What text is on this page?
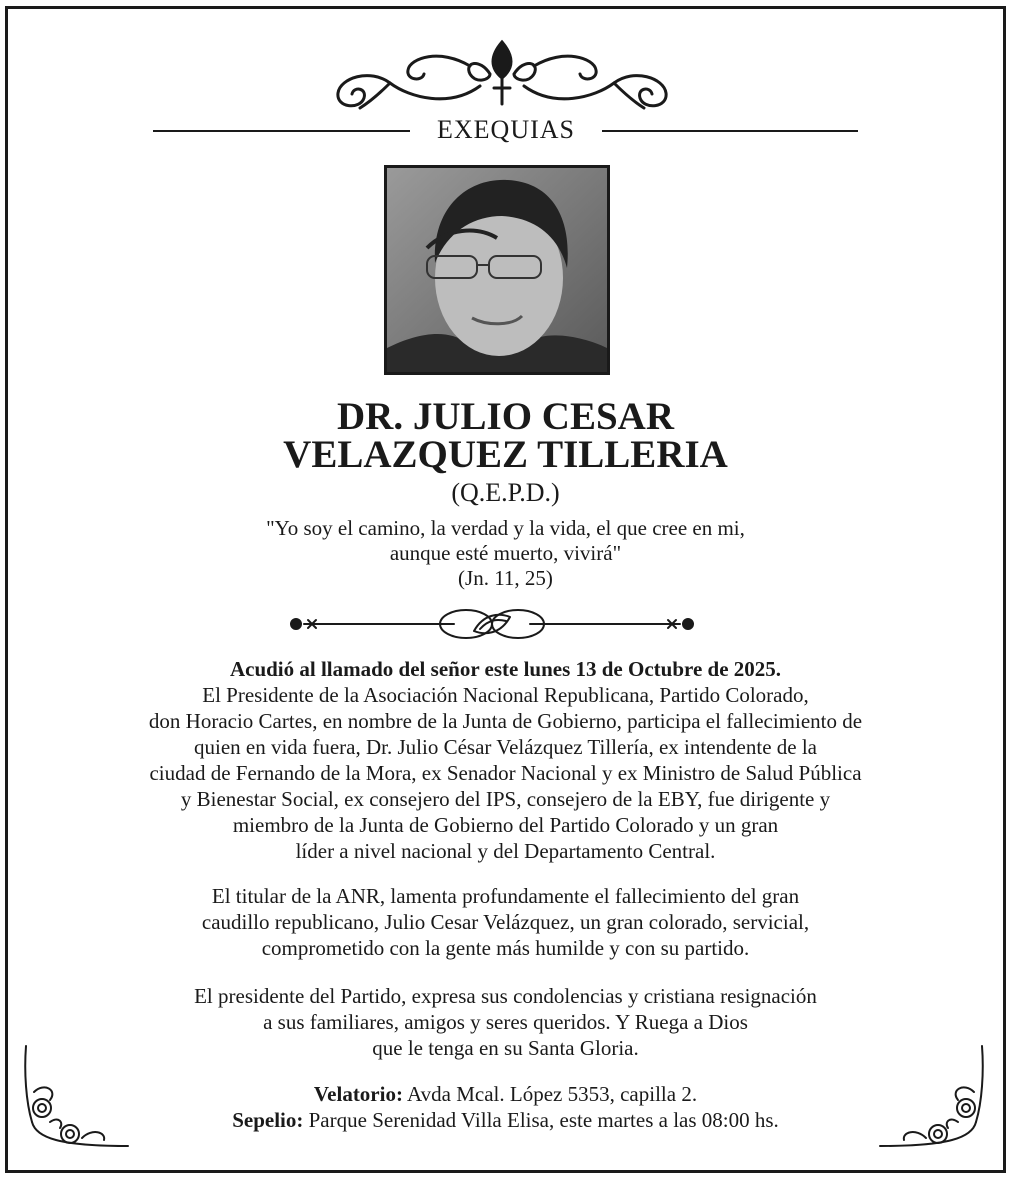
EXEQUIAS
DR. JULIO CESAR
VELAZQUEZ TILLERIA
(Q.E.P.D.)
"Yo soy el camino, la verdad y la vida, el que cree en mi,
aunque esté muerto, vivirá"
(Jn. 11, 25)

Acudió al llamado del señor este lunes 13 de Octubre de 2025.

El Presidente de la Asociación Nacional Republicana, Partido Colorado,

don Horacio Cartes, en nombre de la Junta de Gobierno, participa el fallecimiento de

quien en vida fuera, Dr. Julio César Velázquez Tillería, ex intendente de la

ciudad de Fernando de la Mora, ex Senador Nacional y ex Ministro de Salud Pública

y Bienestar Social, ex consejero del IPS, consejero de la EBY, fue dirigente y

miembro de la Junta de Gobierno del Partido Colorado y un gran

líder a nivel nacional y del Departamento Central.

El titular de la ANR, lamenta profundamente el fallecimiento del gran

caudillo republicano, Julio Cesar Velázquez, un gran colorado, servicial,

comprometido con la gente más humilde y con su partido.

El presidente del Partido, expresa sus condolencias y cristiana resignación

a sus familiares, amigos y seres queridos. Y Ruega a Dios

que le tenga en su Santa Gloria.

Velatorio: Avda Mcal. López 5353, capilla 2.

Sepelio: Parque Serenidad Villa Elisa, este martes a las 08:00 hs.
